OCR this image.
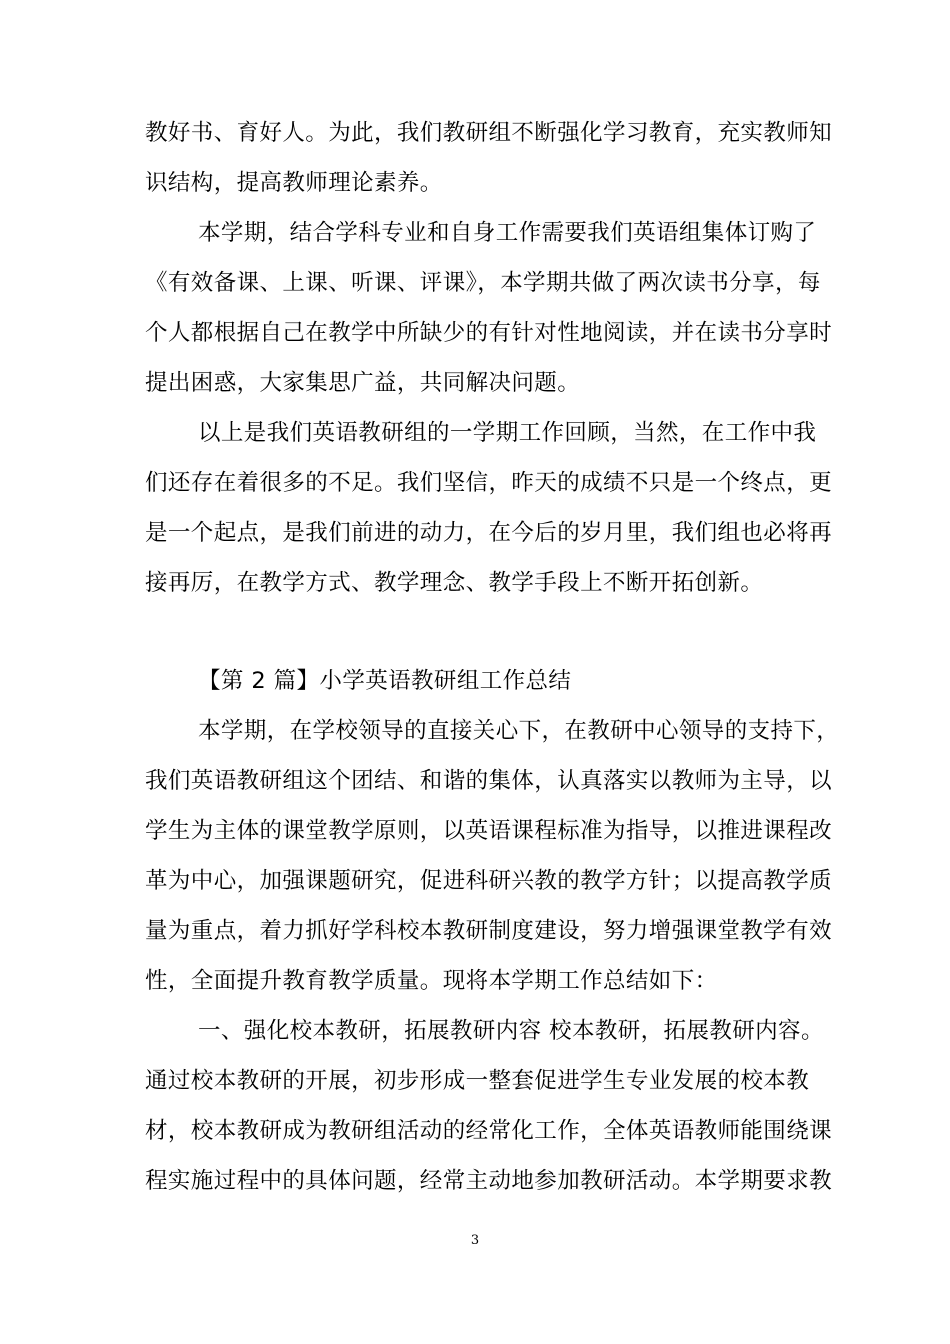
教好书、育好人。为此，我们教研组不断强化学习教育，充实教师知
识结构，提高教师理论素养。
本学期，结合学科专业和自身工作需要我们英语组集体订购了
《有效备课、上课、听课、评课》，本学期共做了两次读书分享，每
个人都根据自己在教学中所缺少的有针对性地阅读，并在读书分享时
提出困惑，大家集思广益，共同解决问题。
以上是我们英语教研组的一学期工作回顾，当然，在工作中我
们还存在着很多的不足。我们坚信，昨天的成绩不只是一个终点，更
是一个起点，是我们前进的动力，在今后的岁月里，我们组也必将再
接再厉，在教学方式、教学理念、教学手段上不断开拓创新。
【第 2 篇】小学英语教研组工作总结
本学期，在学校领导的直接关心下，在教研中心领导的支持下，
我们英语教研组这个团结、和谐的集体，认真落实以教师为主导，以
学生为主体的课堂教学原则，以英语课程标准为指导，以推进课程改
革为中心，加强课题研究，促进科研兴教的教学方针；以提高教学质
量为重点，着力抓好学科校本教研制度建设，努力增强课堂教学有效
性，全面提升教育教学质量。现将本学期工作总结如下：
一、强化校本教研，拓展教研内容 校本教研，拓展教研内容。
通过校本教研的开展，初步形成一整套促进学生专业发展的校本教
材，校本教研成为教研组活动的经常化工作，全体英语教师能围绕课
程实施过程中的具体问题，经常主动地参加教研活动。本学期要求教
3
